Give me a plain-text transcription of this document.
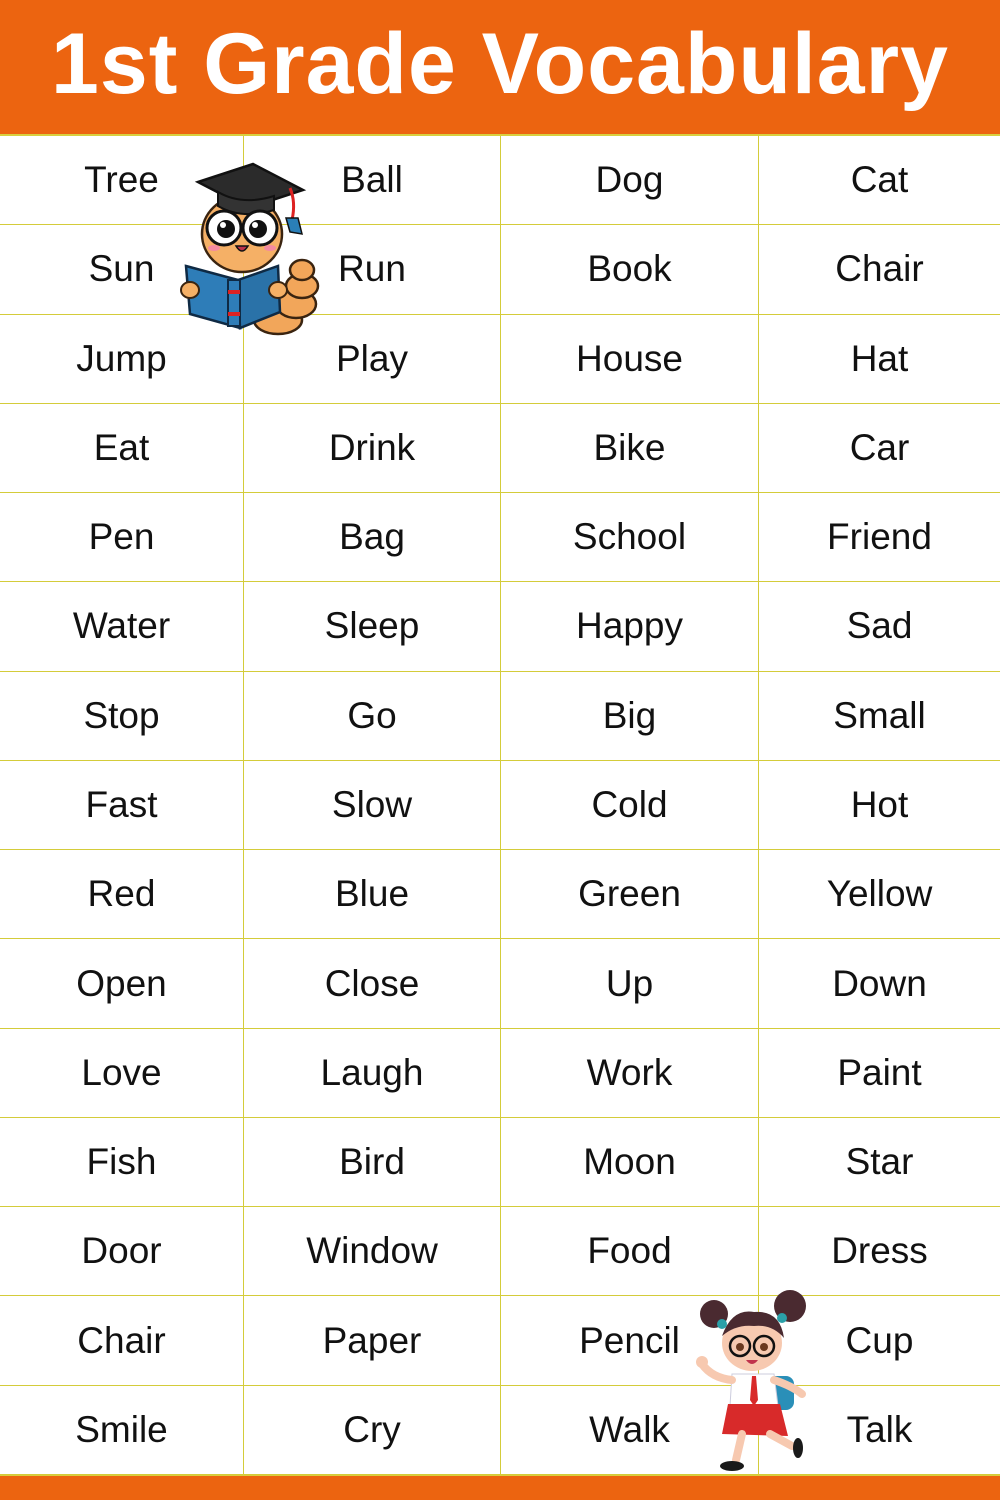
1st Grade Vocabulary
Tree	Ball	Dog	Cat
Sun	Run	Book	Chair
Jump	Play	House	Hat
Eat	Drink	Bike	Car
Pen	Bag	School	Friend
Water	Sleep	Happy	Sad
Stop	Go	Big	Small
Fast	Slow	Cold	Hot
Red	Blue	Green	Yellow
Open	Close	Up	Down
Love	Laugh	Work	Paint
Fish	Bird	Moon	Star
Door	Window	Food	Dress
Chair	Paper	Pencil	Cup
Smile	Cry	Walk	Talk
